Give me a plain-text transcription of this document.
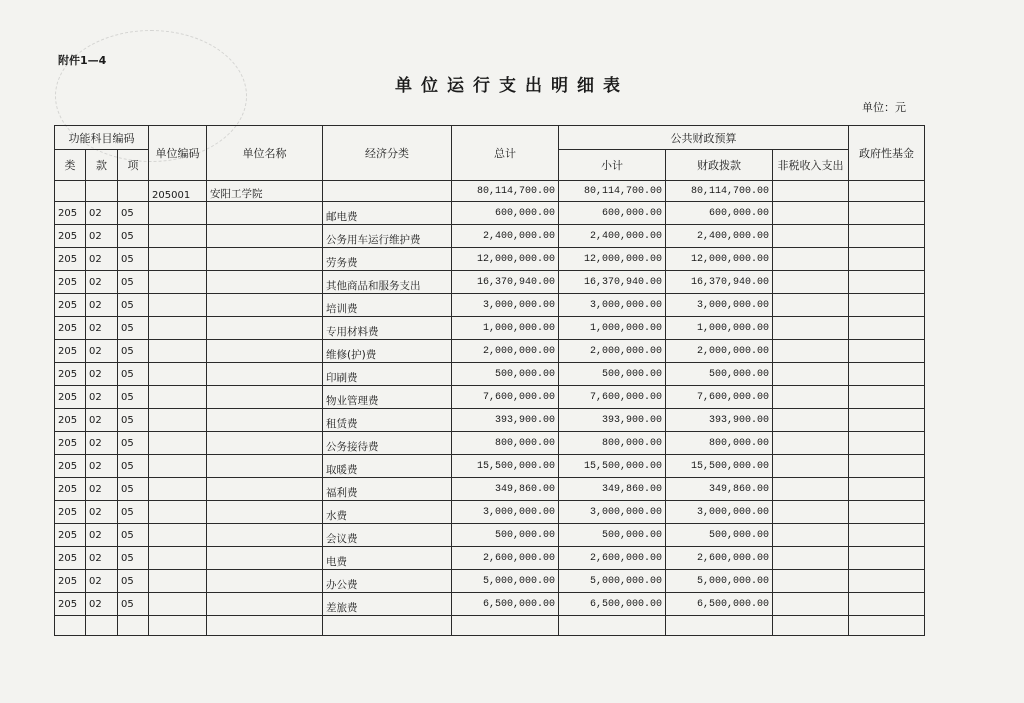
附件1—4
单位运行支出明细表
单位：元
功能科目编码			单位编码	单位名称	经济分类	总计	公共财政预算			政府性基金
类	款	项					小计	财政拨款	非税收入支出	
			205001	安阳工学院		80,114,700.00	80,114,700.00	80,114,700.00		
205	02	05			邮电费	600,000.00	600,000.00	600,000.00		
205	02	05			公务用车运行维护费	2,400,000.00	2,400,000.00	2,400,000.00		
205	02	05			劳务费	12,000,000.00	12,000,000.00	12,000,000.00		
205	02	05			其他商品和服务支出	16,370,940.00	16,370,940.00	16,370,940.00		
205	02	05			培训费	3,000,000.00	3,000,000.00	3,000,000.00		
205	02	05			专用材料费	1,000,000.00	1,000,000.00	1,000,000.00		
205	02	05			维修(护)费	2,000,000.00	2,000,000.00	2,000,000.00		
205	02	05			印刷费	500,000.00	500,000.00	500,000.00		
205	02	05			物业管理费	7,600,000.00	7,600,000.00	7,600,000.00		
205	02	05			租赁费	393,900.00	393,900.00	393,900.00		
205	02	05			公务接待费	800,000.00	800,000.00	800,000.00		
205	02	05			取暖费	15,500,000.00	15,500,000.00	15,500,000.00		
205	02	05			福利费	349,860.00	349,860.00	349,860.00		
205	02	05			水费	3,000,000.00	3,000,000.00	3,000,000.00		
205	02	05			会议费	500,000.00	500,000.00	500,000.00		
205	02	05			电费	2,600,000.00	2,600,000.00	2,600,000.00		
205	02	05			办公费	5,000,000.00	5,000,000.00	5,000,000.00		
205	02	05			差旅费	6,500,000.00	6,500,000.00	6,500,000.00		
